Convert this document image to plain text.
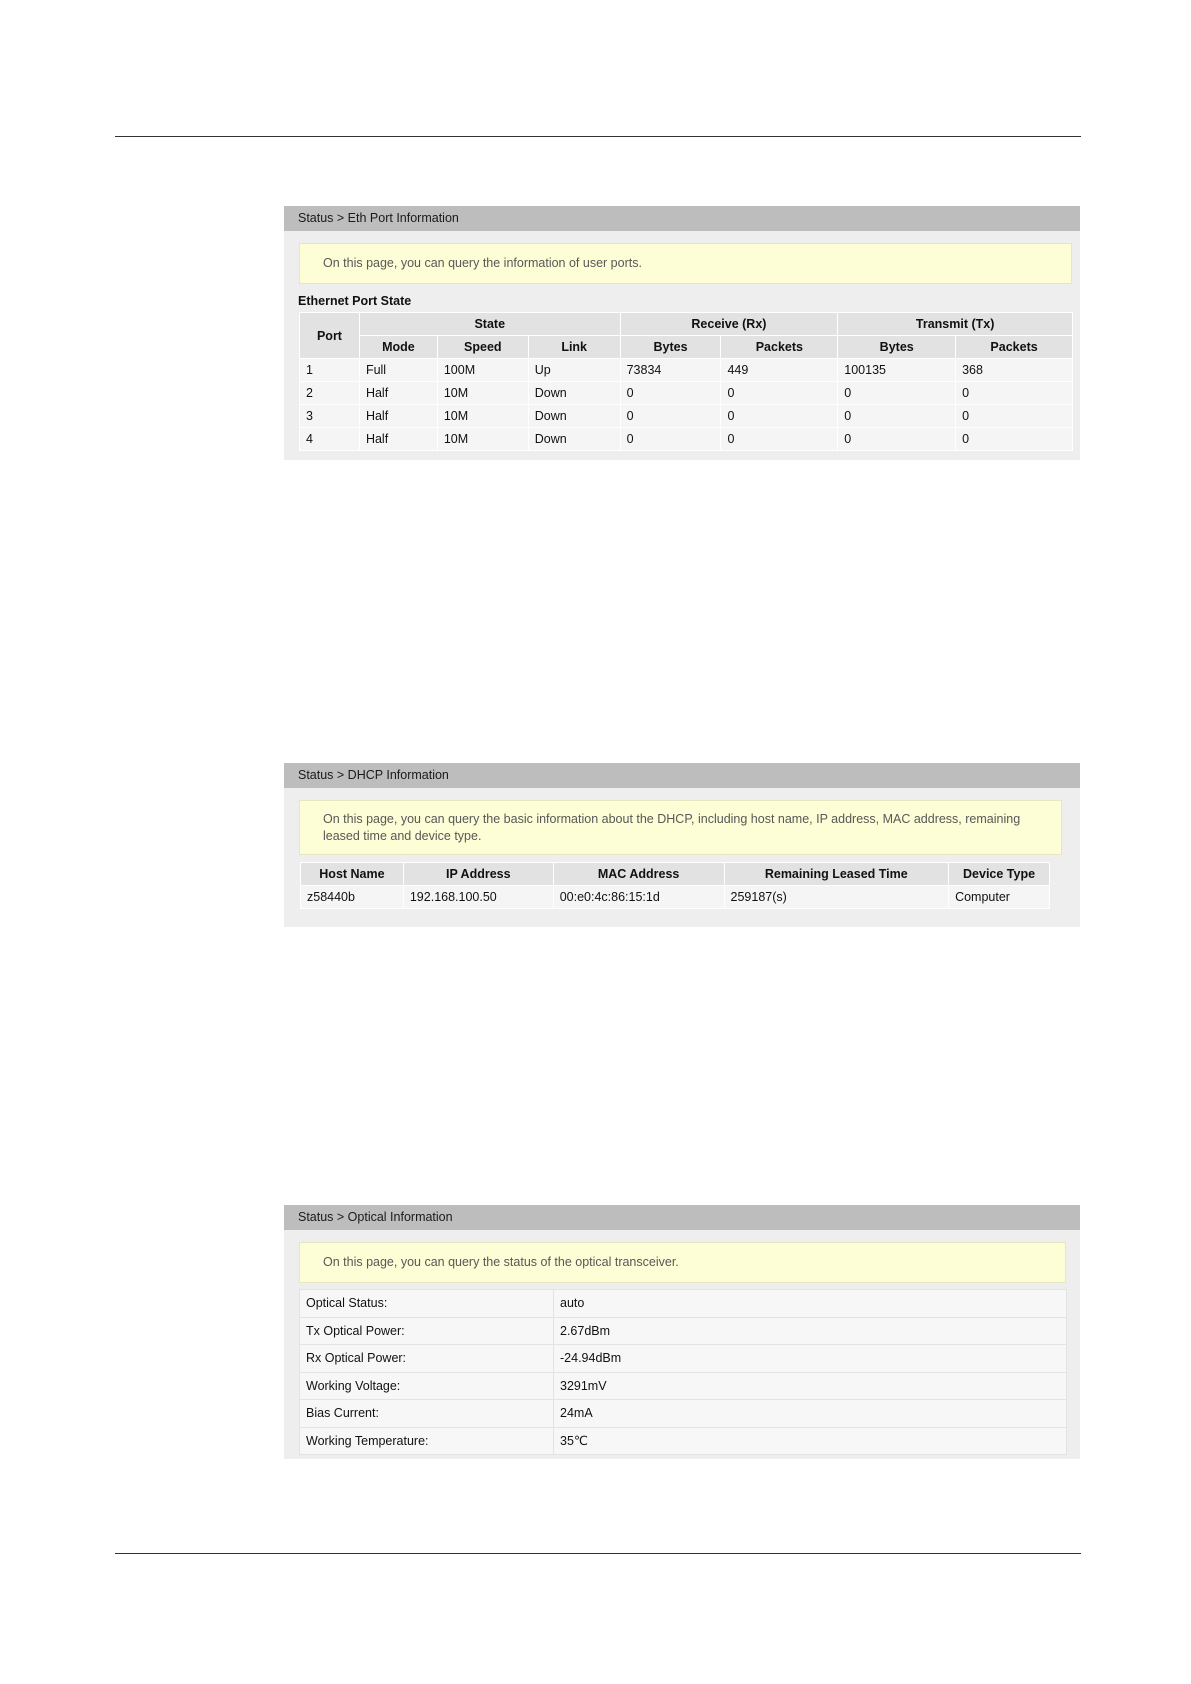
Status > Eth Port Information
On this page, you can query the information of user ports.
Ethernet Port State
Port	State			Receive (Rx)		Transmit (Tx)	
	Mode	Speed	Link	Bytes	Packets	Bytes	Packets
1	Full	100M	Up	73834	449	100135	368
2	Half	10M	Down	0	0	0	0
3	Half	10M	Down	0	0	0	0
4	Half	10M	Down	0	0	0	0
Status > DHCP Information
On this page, you can query the basic information about the DHCP, including host name, IP address, MAC address, remaining leased time and device type.
Host Name	IP Address	MAC Address	Remaining Leased Time	Device Type
z58440b	192.168.100.50	00:e0:4c:86:15:1d	259187(s)	Computer
Status > Optical Information
On this page, you can query the status of the optical transceiver.
Optical Status:	auto
Tx Optical Power:	2.67dBm
Rx Optical Power:	-24.94dBm
Working Voltage:	3291mV
Bias Current:	24mA
Working Temperature:	35℃
